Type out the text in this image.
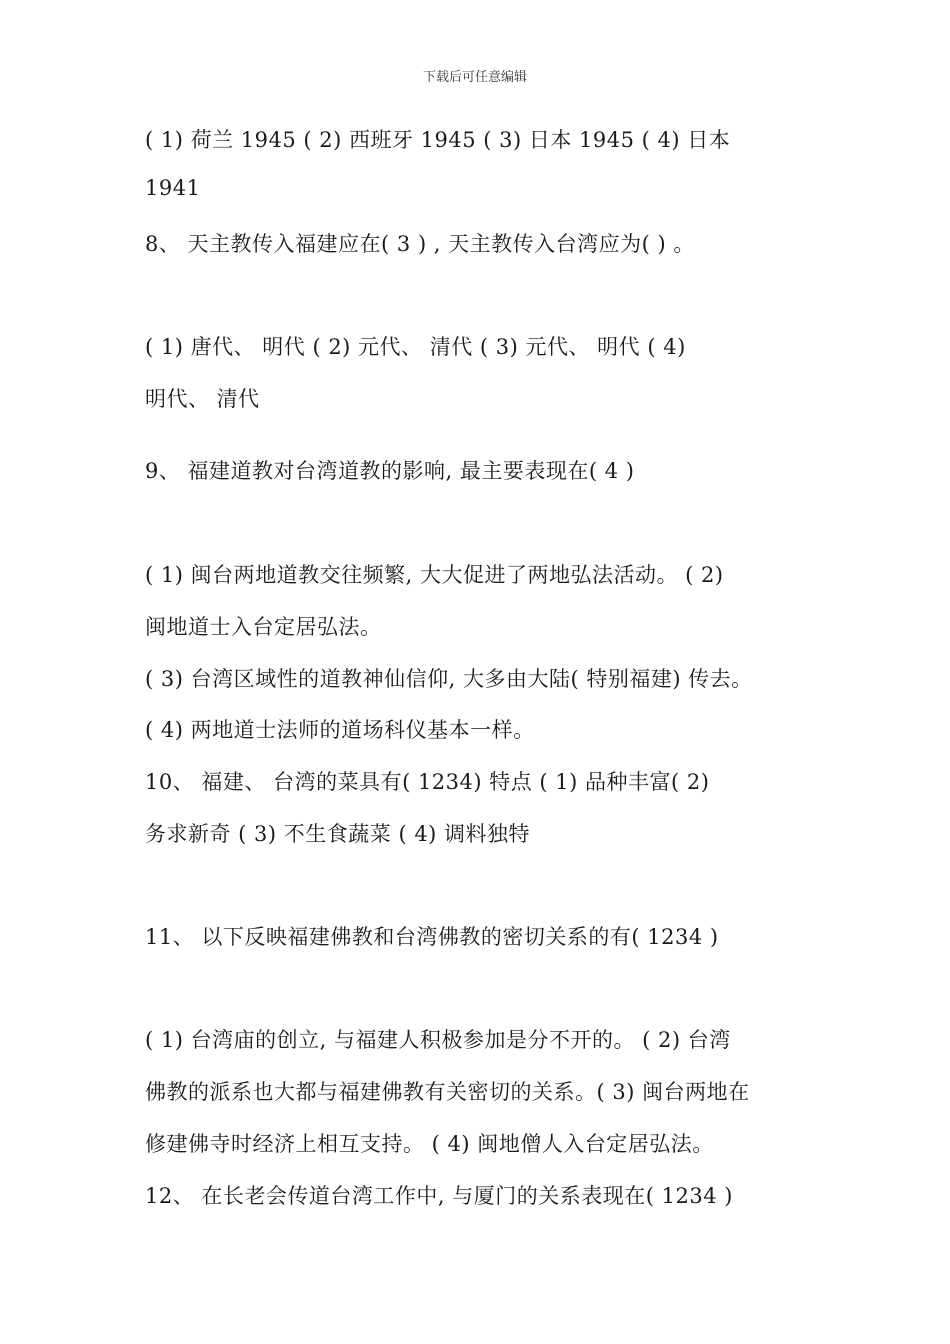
下载后可任意编辑
( 1) 荷兰 1945 ( 2) 西班牙 1945 ( 3) 日本 1945 ( 4) 日本
1941
8、 天主教传入福建应在( 3 ) , 天主教传入台湾应为( ) 。
( 1) 唐代、 明代 ( 2) 元代、 清代 ( 3) 元代、 明代 ( 4)
明代、 清代
9、 福建道教对台湾道教的影响, 最主要表现在( 4 )
( 1) 闽台两地道教交往频繁, 大大促进了两地弘法活动。 ( 2)
闽地道士入台定居弘法。
( 3) 台湾区域性的道教神仙信仰, 大多由大陆( 特别福建) 传去。
( 4) 两地道士法师的道场科仪基本一样。
10、 福建、 台湾的菜具有( 1234) 特点 ( 1) 品种丰富( 2)
务求新奇 ( 3) 不生食蔬菜 ( 4) 调料独特
11、 以下反映福建佛教和台湾佛教的密切关系的有( 1234 )
( 1) 台湾庙的创立, 与福建人积极参加是分不开的。 ( 2) 台湾
佛教的派系也大都与福建佛教有关密切的关系。( 3) 闽台两地在
修建佛寺时经济上相互支持。 ( 4) 闽地僧人入台定居弘法。
12、 在长老会传道台湾工作中, 与厦门的关系表现在( 1234 )
